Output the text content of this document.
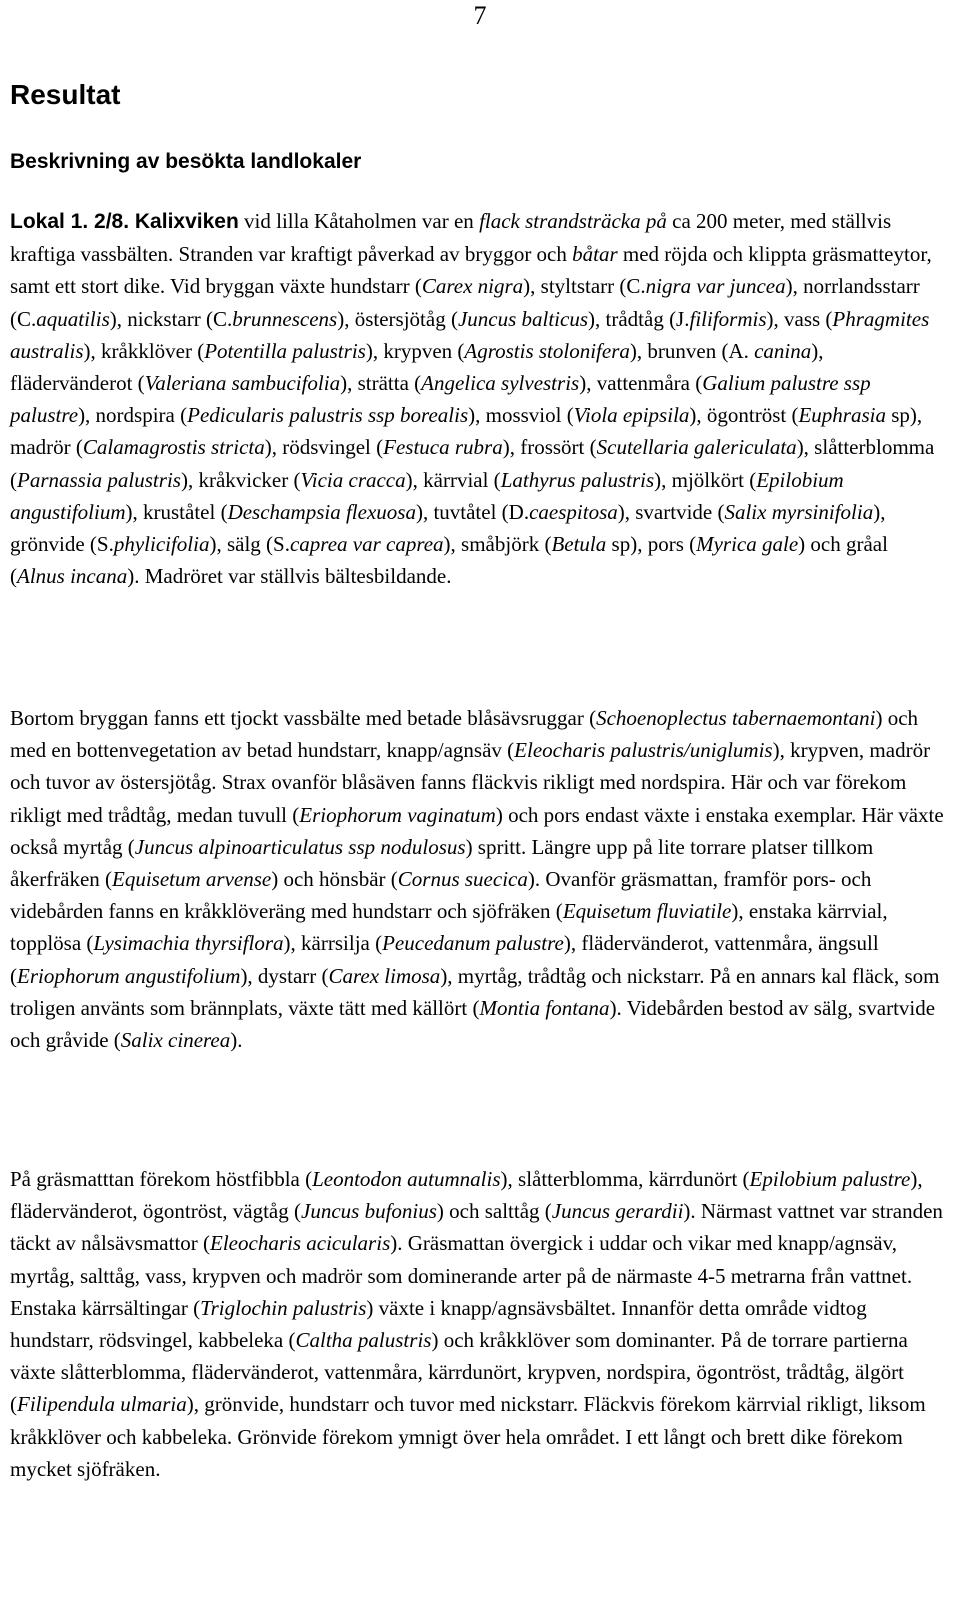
7
Resultat
Beskrivning av besökta landlokaler

Lokal 1. 2/8. Kalixviken vid lilla Kåtaholmen var en flack strandsträcka på ca 200 meter, med ställvis kraftiga vassbälten. Stranden var kraftigt påverkad av bryggor och båtar med röjda och klippta gräsmatteytor, samt ett stort dike. Vid bryggan växte hundstarr (Carex nigra), styltstarr (C.nigra var juncea), norrlandsstarr (C.aquatilis), nickstarr (C.brunnescens), östersjötåg (Juncus balticus), trådtåg (J.filiformis), vass (Phragmites australis), kråkklöver (Potentilla palustris), krypven (Agrostis stolonifera), brunven (A. canina), flädervänderot (Valeriana sambucifolia), strätta (Angelica sylvestris), vattenmåra (Galium palustre ssp palustre), nordspira (Pedicularis palustris ssp borealis), mossviol (Viola epipsila), ögontröst (Euphrasia sp), madrör (Calamagrostis stricta), rödsvingel (Festuca rubra), frossört (Scutellaria galericulata), slåtterblomma (Parnassia palustris), kråkvicker (Vicia cracca), kärrvial (Lathyrus palustris), mjölkört (Epilobium angustifolium), kruståtel (Deschampsia flexuosa), tuvtåtel (D.caespitosa), svartvide (Salix myrsinifolia), grönvide (S.phylicifolia), sälg (S.caprea var caprea), småbjörk (Betula sp), pors (Myrica gale) och gråal (Alnus incana). Madröret var ställvis bältesbildande.

Bortom bryggan fanns ett tjockt vassbälte med betade blåsävsruggar (Schoenoplectus tabernaemontani) och med en bottenvegetation av betad hundstarr, knapp/agnsäv (Eleocharis palustris/uniglumis), krypven, madrör och tuvor av östersjötåg. Strax ovanför blåsäven fanns fläckvis rikligt med nordspira. Här och var förekom rikligt med trådtåg, medan tuvull (Eriophorum vaginatum) och pors endast växte i enstaka exemplar. Här växte också myrtåg (Juncus alpinoarticulatus ssp nodulosus) spritt. Längre upp på lite torrare platser tillkom åkerfräken (Equisetum arvense) och hönsbär (Cornus suecica). Ovanför gräsmattan, framför pors- och videbården fanns en kråkklöveräng med hundstarr och sjöfräken (Equisetum fluviatile), enstaka kärrvial, topplösa (Lysimachia thyrsiflora), kärrsilja (Peucedanum palustre), flädervänderot, vattenmåra, ängsull (Eriophorum angustifolium), dystarr (Carex limosa), myrtåg, trådtåg och nickstarr. På en annars kal fläck, som troligen använts som brännplats, växte tätt med källört (Montia fontana). Videbården bestod av sälg, svartvide och gråvide (Salix cinerea).

På gräsmatttan förekom höstfibbla (Leontodon autumnalis), slåtterblomma, kärrdunört (Epilobium palustre), flädervänderot, ögontröst, vägtåg (Juncus bufonius) och salttåg (Juncus gerardii). Närmast vattnet var stranden täckt av nålsävsmattor (Eleocharis acicularis). Gräsmattan övergick i uddar och vikar med knapp/agnsäv, myrtåg, salttåg, vass, krypven och madrör som dominerande arter på de närmaste 4-5 metrarna från vattnet. Enstaka kärrsältingar (Triglochin palustris) växte i knapp/agnsävsbältet. Innanför detta område vidtog hundstarr, rödsvingel, kabbeleka (Caltha palustris) och kråkklöver som dominanter. På de torrare partierna växte slåtterblomma, flädervänderot, vattenmåra, kärrdunört, krypven, nordspira, ögontröst, trådtåg, älgört (Filipendula ulmaria), grönvide, hundstarr och tuvor med nickstarr. Fläckvis förekom kärrvial rikligt, liksom kråkklöver och kabbeleka. Grönvide förekom ymnigt över hela området. I ett långt och brett dike förekom mycket sjöfräken.
